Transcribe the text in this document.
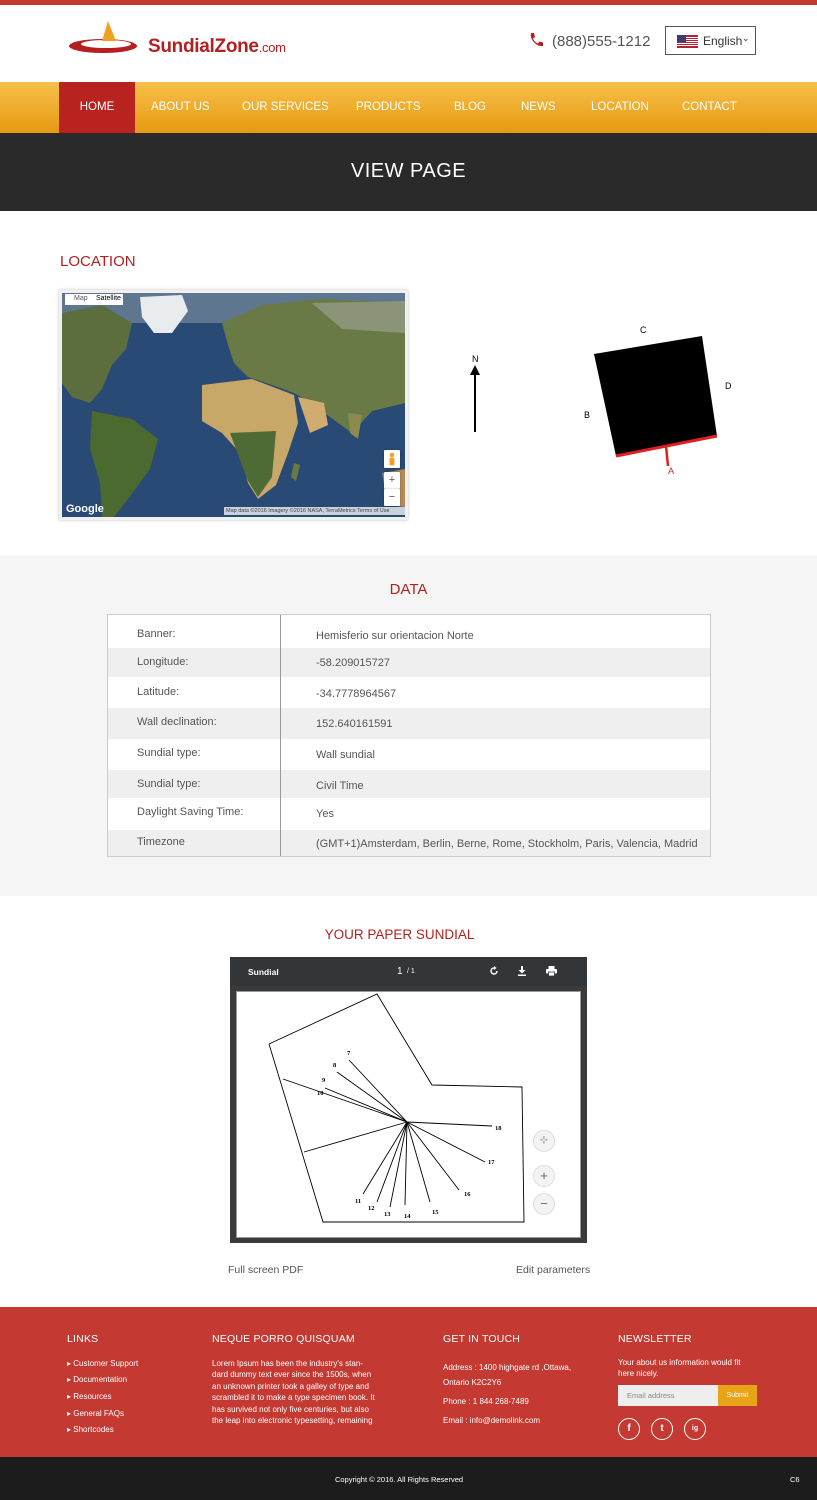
SundialZone.com	(888)555-1212	English ⌄
HOME	ABOUT US	OUR SERVICES PRODUCTS	BLOG	NEWS	LOCATION	CONTACT
VIEW PAGE
LOCATION
Map Satellite
+
−
Google	Map data ©2016 Imagery ©2016 NASA, TerraMetrics Terms of Use
N
C
D
B
A
DATA
Banner:	Hemisferio sur orientacion Norte
Longitude:	-58.209015727
Latitude:	-34.7778964567
Wall declination:	152.640161591
Sundial type:	Wall sundial
Sundial type:	Civil Time
Daylight Saving Time:	Yes
Timezone	(GMT+1)Amsterdam, Berlin, Berne, Rome, Stockholm, Paris, Valencia, Madrid
YOUR PAPER SUNDIAL
Sundial	1 / 1
7
8
9
10
11
12
13 14
15
16
17
18
⊹
+
−
Full screen PDF	Edit parameters
LINKS
▸ Customer Support
▸ Documentation
▸ Resources
▸ General FAQs
▸ Shortcodes
NEQUE PORRO QUISQUAM
Lorem Ipsum has been the industry's stan-
dard dummy text ever since the 1500s, when
an unknown printer took a galley of type and
scrambled it to make a type specimen book. It
has survived not only five centuries, but also
the leap into electronic typesetting, remaining
GET IN TOUCH
Address : 1400 highgate rd ,Ottawa,
Ontario K2C2Y6
Phone : 1 844 268-7489
NEWSLETTER
Your about us information would fit
here nicely.
Email address	Submit
f	t	ig
Email : info@demolink.com
Copyright © 2016. All Rights Reserved	C6
